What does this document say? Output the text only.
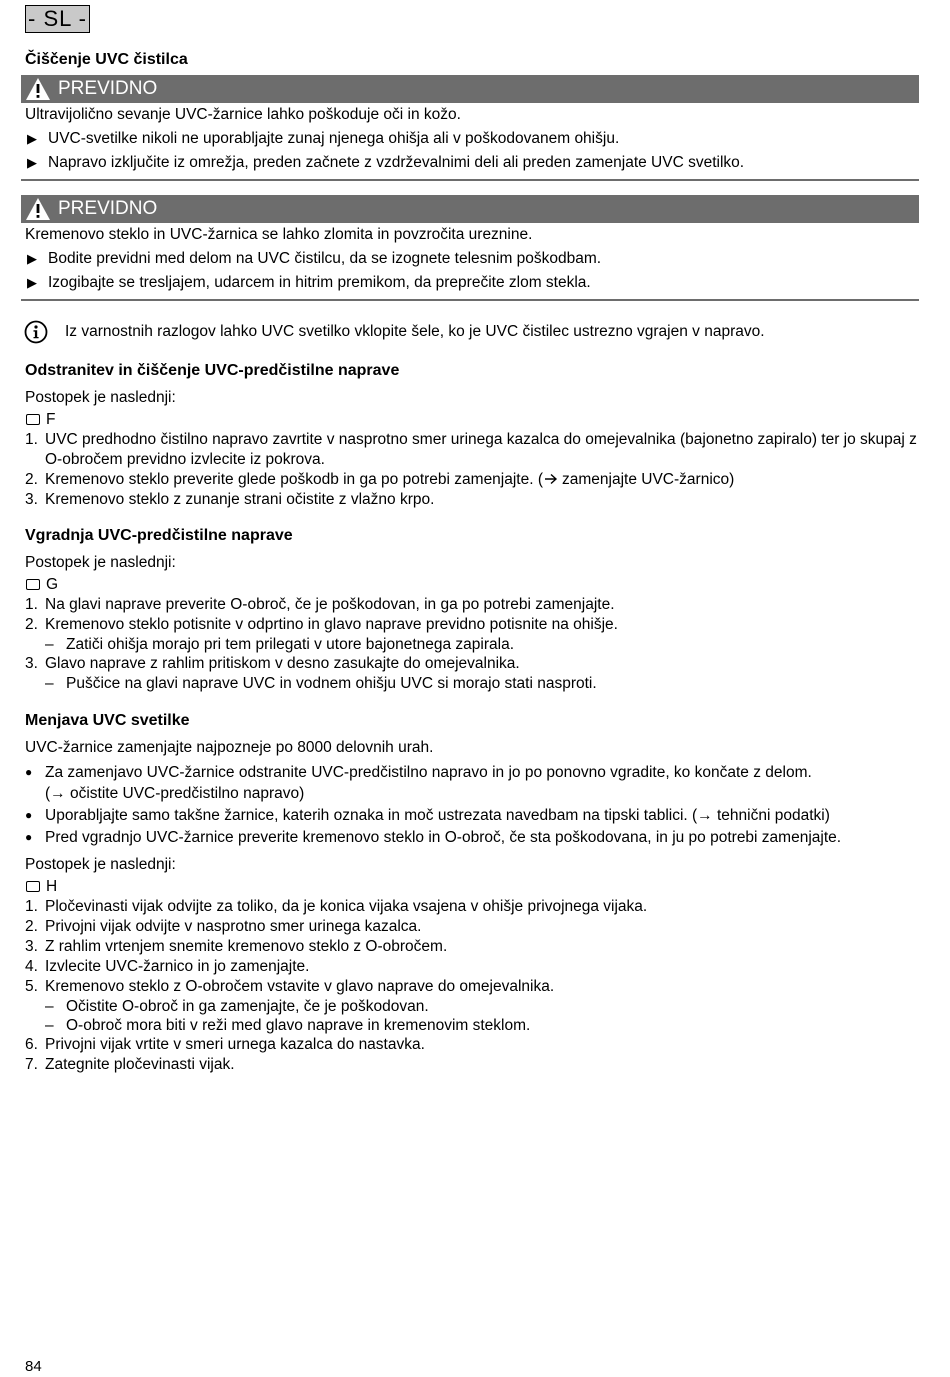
- SL -
Čiščenje UVC čistilca
PREVIDNO

Ultravijolično sevanje UVC-žarnice lahko poškoduje oči in kožo.

▶ UVC-svetilke nikoli ne uporabljajte zunaj njenega ohišja ali v poškodovanem ohišju.
▶ Napravo izključite iz omrežja, preden začnete z vzdrževalnimi deli ali preden zamenjate UVC svetilko.
PREVIDNO

Kremenovo steklo in UVC-žarnica se lahko zlomita in povzročita ureznine.

▶ Bodite previdni med delom na UVC čistilcu, da se izognete telesnim poškodbam.
▶ Izogibajte se tresljajem, udarcem in hitrim premikom, da preprečite zlom stekla.
Iz varnostnih razlogov lahko UVC svetilko vklopite šele, ko je UVC čistilec ustrezno vgrajen v napravo.
Odstranitev in čiščenje UVC-predčistilne naprave

Postopek je naslednji:

F
1. UVC predhodno čistilno napravo zavrtite v nasprotno smer urinega kazalca do omejevalnika (bajonetno zapiralo) ter jo skupaj z O-obročem previdno izvlecite iz pokrova.
2. Kremenovo steklo preverite glede poškodb in ga po potrebi zamenjajte. ( zamenjajte UVC-žarnico)
3. Kremenovo steklo z zunanje strani očistite z vlažno krpo.
Vgradnja UVC-predčistilne naprave

Postopek je naslednji:

G
1. Na glavi naprave preverite O-obroč, če je poškodovan, in ga po potrebi zamenjajte.
2. Kremenovo steklo potisnite v odprtino in glavo naprave previdno potisnite na ohišje.
– Zatiči ohišja morajo pri tem prilegati v utore bajonetnega zapirala.
3. Glavo naprave z rahlim pritiskom v desno zasukajte do omejevalnika.
– Puščice na glavi naprave UVC in vodnem ohišju UVC si morajo stati nasproti.
Menjava UVC svetilke

UVC-žarnice zamenjajte najpozneje po 8000 delovnih urah.

● Za zamenjavo UVC-žarnice odstranite UVC-predčistilno napravo in jo po ponovno vgradite, ko končate z delom.
(→ očistite UVC-predčistilno napravo)
● Uporabljajte samo takšne žarnice, katerih oznaka in moč ustrezata navedbam na tipski tablici. (→ tehnični podatki)
● Pred vgradnjo UVC-žarnice preverite kremenovo steklo in O-obroč, če sta poškodovana, in ju po potrebi zamenjajte.

Postopek je naslednji:

H
1. Pločevinasti vijak odvijte za toliko, da je konica vijaka vsajena v ohišje privojnega vijaka.
2. Privojni vijak odvijte v nasprotno smer urinega kazalca.
3. Z rahlim vrtenjem snemite kremenovo steklo z O-obročem.
4. Izvlecite UVC-žarnico in jo zamenjajte.
5. Kremenovo steklo z O-obročem vstavite v glavo naprave do omejevalnika.
– Očistite O-obroč in ga zamenjajte, če je poškodovan.
– O-obroč mora biti v reži med glavo naprave in kremenovim steklom.
6. Privojni vijak vrtite v smeri urnega kazalca do nastavka.
7. Zategnite pločevinasti vijak.
84
